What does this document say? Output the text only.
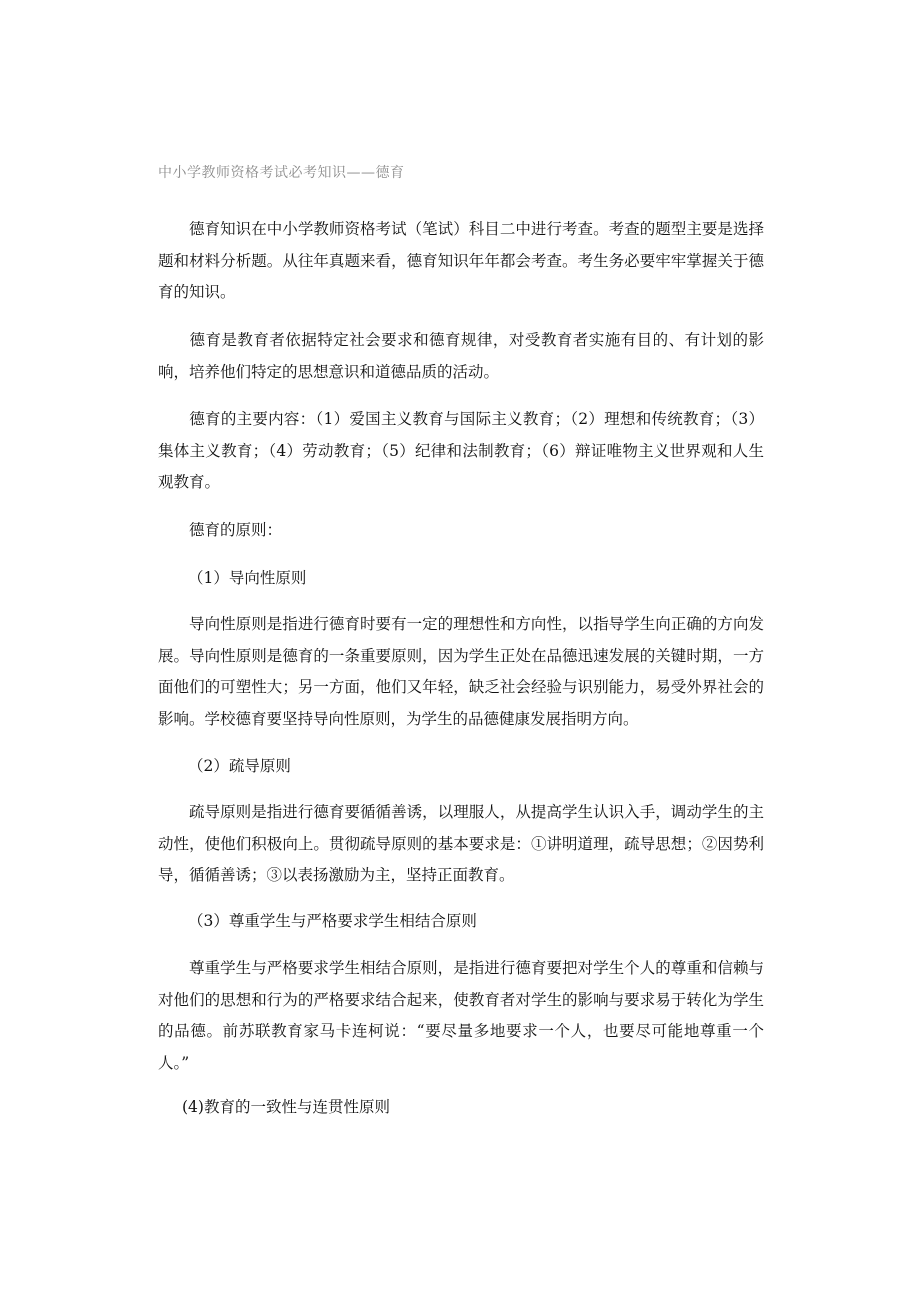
中小学教师资格考试必考知识——德育
德育知识在中小学教师资格考试（笔试）科目二中进行考查。考查的题型主要是选择题和材料分析题。从往年真题来看，德育知识年年都会考查。考生务必要牢牢掌握关于德育的知识。
德育是教育者依据特定社会要求和德育规律，对受教育者实施有目的、有计划的影响，培养他们特定的思想意识和道德品质的活动。
德育的主要内容：（1）爱国主义教育与国际主义教育；（2）理想和传统教育；（3）集体主义教育；（4）劳动教育；（5）纪律和法制教育；（6）辩证唯物主义世界观和人生观教育。
德育的原则：
（1）导向性原则
导向性原则是指进行德育时要有一定的理想性和方向性，以指导学生向正确的方向发展。导向性原则是德育的一条重要原则，因为学生正处在品德迅速发展的关键时期，一方面他们的可塑性大；另一方面，他们又年轻，缺乏社会经验与识别能力，易受外界社会的影响。学校德育要坚持导向性原则，为学生的品德健康发展指明方向。
（2）疏导原则
疏导原则是指进行德育要循循善诱，以理服人，从提高学生认识入手，调动学生的主动性，使他们积极向上。贯彻疏导原则的基本要求是：①讲明道理，疏导思想；②因势利导，循循善诱；③以表扬激励为主，坚持正面教育。
（3）尊重学生与严格要求学生相结合原则
尊重学生与严格要求学生相结合原则，是指进行德育要把对学生个人的尊重和信赖与对他们的思想和行为的严格要求结合起来，使教育者对学生的影响与要求易于转化为学生的品德。前苏联教育家马卡连柯说：“要尽量多地要求一个人，也要尽可能地尊重一个人。”
(4)教育的一致性与连贯性原则
